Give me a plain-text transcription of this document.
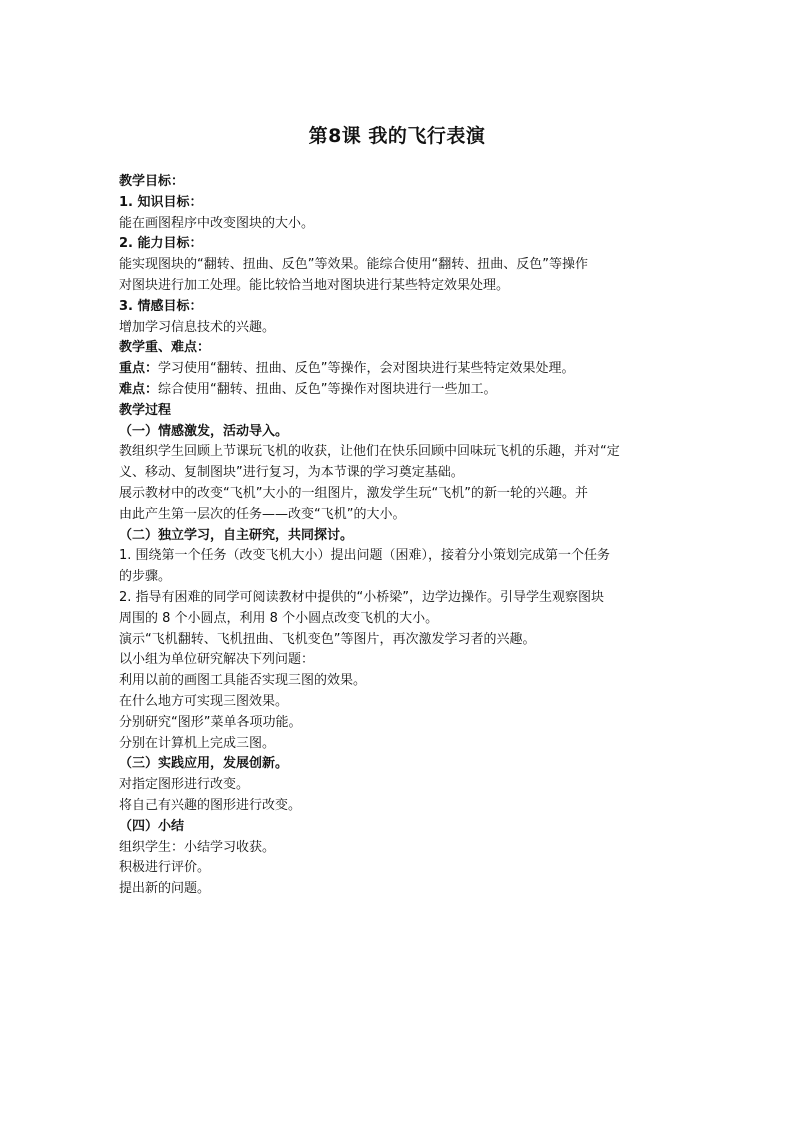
第8课 我的飞行表演
教学目标：
1. 知识目标：
能在画图程序中改变图块的大小。
2. 能力目标：
能实现图块的“翻转、扭曲、反色”等效果。能综合使用“翻转、扭曲、反色”等操作
对图块进行加工处理。能比较恰当地对图块进行某些特定效果处理。
3. 情感目标：
增加学习信息技术的兴趣。
教学重、难点：
重点：学习使用“翻转、扭曲、反色”等操作，会对图块进行某些特定效果处理。
难点：综合使用“翻转、扭曲、反色”等操作对图块进行一些加工。
教学过程
（一）情感激发，活动导入。
教组织学生回顾上节课玩飞机的收获，让他们在快乐回顾中回味玩飞机的乐趣，并对“定
义、移动、复制图块”进行复习，为本节课的学习奠定基础。
展示教材中的改变“飞机”大小的一组图片，激发学生玩“飞机”的新一轮的兴趣。并
由此产生第一层次的任务——改变“飞机”的大小。
（二）独立学习，自主研究，共同探讨。
1. 围绕第一个任务（改变飞机大小）提出问题（困难），接着分小策划完成第一个任务
的步骤。
2. 指导有困难的同学可阅读教材中提供的“小桥梁”，边学边操作。引导学生观察图块
周围的 8 个小圆点，利用 8 个小圆点改变飞机的大小。
演示“飞机翻转、飞机扭曲、飞机变色”等图片，再次激发学习者的兴趣。
以小组为单位研究解决下列问题：
利用以前的画图工具能否实现三图的效果。
在什么地方可实现三图效果。
分别研究“图形”菜单各项功能。
分别在计算机上完成三图。
（三）实践应用，发展创新。
对指定图形进行改变。
将自己有兴趣的图形进行改变。
（四）小结
组织学生：小结学习收获。
积极进行评价。
提出新的问题。
